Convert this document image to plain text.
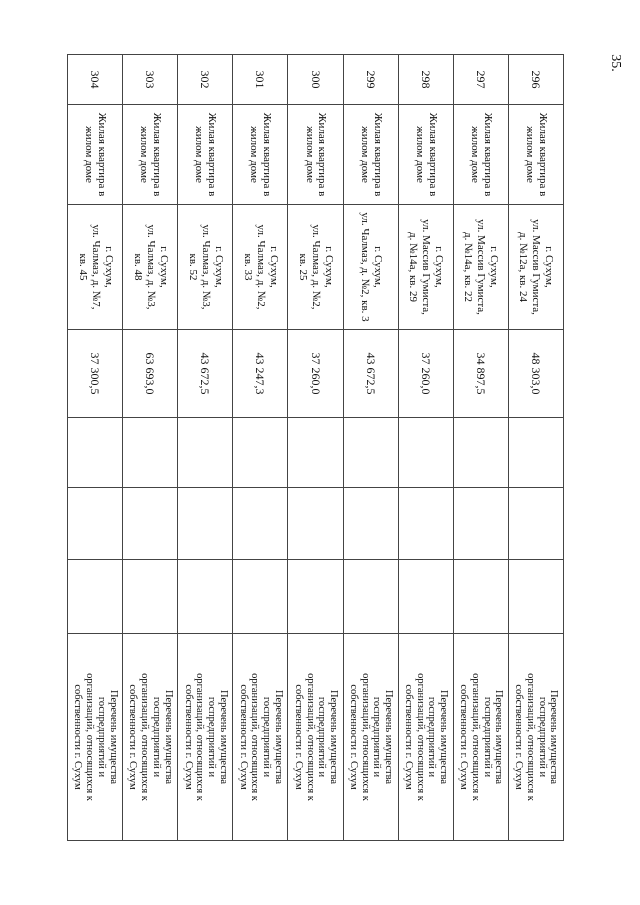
35.
296	Жилая квартира в жилом доме	г. Сухум,
ул. Массив Гумиста,
д. №12а, кв. 24	48 303,0				Перечень имущества
госпредприятий и
организаций, относящихся к
собственности г. Сухум

297	Жилая квартира в жилом доме	г. Сухум,
ул. Массив Гумиста,
д. №14а, кв. 22	34 897,5				Перечень имущества
госпредприятий и
организаций, относящихся к
собственности г. Сухум

298	Жилая квартира в жилом доме	г. Сухум,
ул. Массив Гумиста,
д. №14а, кв. 29	37 260,0				Перечень имущества
госпредприятий и
организаций, относящихся к
собственности г. Сухум

299	Жилая квартира в жилом доме	г. Сухум,
ул. Чалмаз, д. №2, кв. 3	43 672,5				Перечень имущества
госпредприятий и
организаций, относящихся к
собственности г. Сухум

300	Жилая квартира в жилом доме	г. Сухум,
ул. Чалмаз, д. №2,
кв. 25	37 260,0				Перечень имущества
госпредприятий и
организаций, относящихся к
собственности г. Сухум

301	Жилая квартира в жилом доме	г. Сухум,
ул. Чалмаз, д. №2,
кв. 33	43 247,3				Перечень имущества
госпредприятий и
организаций, относящихся к
собственности г. Сухум

302	Жилая квартира в жилом доме	г. Сухум,
ул. Чалмаз, д. №3,
кв. 52	43 672,5				Перечень имущества
госпредприятий и
организаций, относящихся к
собственности г. Сухум

303	Жилая квартира в жилом доме	г. Сухум,
ул. Чалмаз, д. №3,
кв. 48	63 693,0				Перечень имущества
госпредприятий и
организаций, относящихся к
собственности г. Сухум

304	Жилая квартира в жилом доме	г. Сухум,
ул. Чалмаз, д. №7,
кв. 45	37 300,5				Перечень имущества
госпредприятий и
организаций, относящихся к
собственности г. Сухум
